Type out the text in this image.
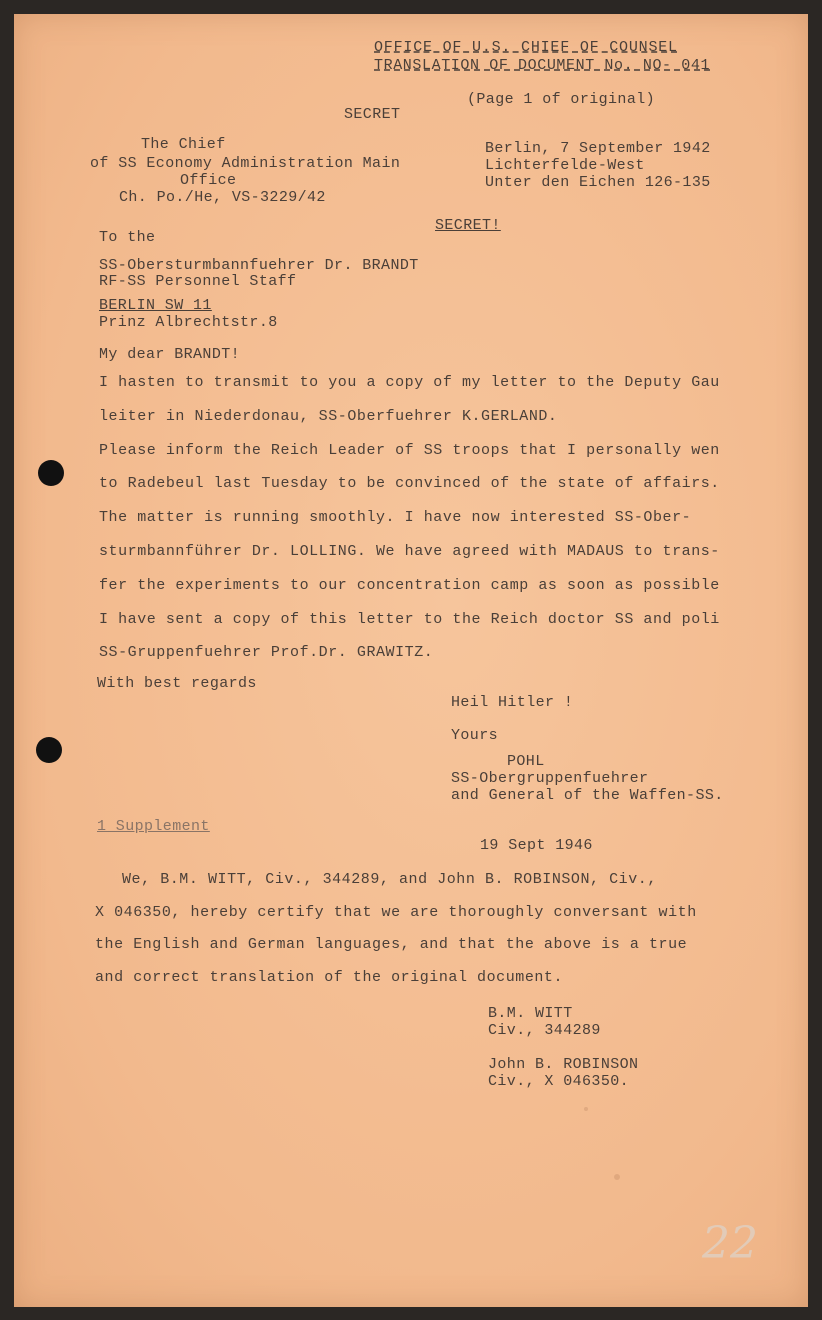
OFFICE OF U.S. CHIEF OF COUNSEL
TRANSLATION OF DOCUMENT No. NO- 041
(Page 1 of original)
SECRET
The Chief
of SS Economy Administration Main
Office
Ch. Po./He, VS-3229/42
Berlin, 7 September 1942
Lichterfelde-West
Unter den Eichen 126-135
SECRET!
To the
SS-Obersturmbannfuehrer Dr. BRANDT
RF-SS Personnel Staff
BERLIN SW 11
Prinz Albrechtstr.8
My dear BRANDT!
I hasten to transmit to you a copy of my letter to the Deputy Gau
leiter in Niederdonau, SS-Oberfuehrer K.GERLAND.
Please inform the Reich Leader of SS troops that I personally wen
to Radebeul last Tuesday to be convinced of the state of affairs.
The matter is running smoothly. I have now interested SS-Ober-
sturmbannführer Dr. LOLLING. We have agreed with MADAUS to trans-
fer the experiments to our concentration camp as soon as possible
I have sent a copy of this letter to the Reich doctor SS and poli
SS-Gruppenfuehrer Prof.Dr. GRAWITZ.
With best regards
Heil Hitler !
Yours
POHL
SS-Obergruppenfuehrer
and General of the Waffen-SS.
1 Supplement
19 Sept 1946
We, B.M. WITT, Civ., 344289, and John B. ROBINSON, Civ.,
X 046350, hereby certify that we are thoroughly conversant with
the English and German languages, and that the above is a true
and correct translation of the original document.
B.M. WITT
Civ., 344289
John B. ROBINSON
Civ., X 046350.
22
